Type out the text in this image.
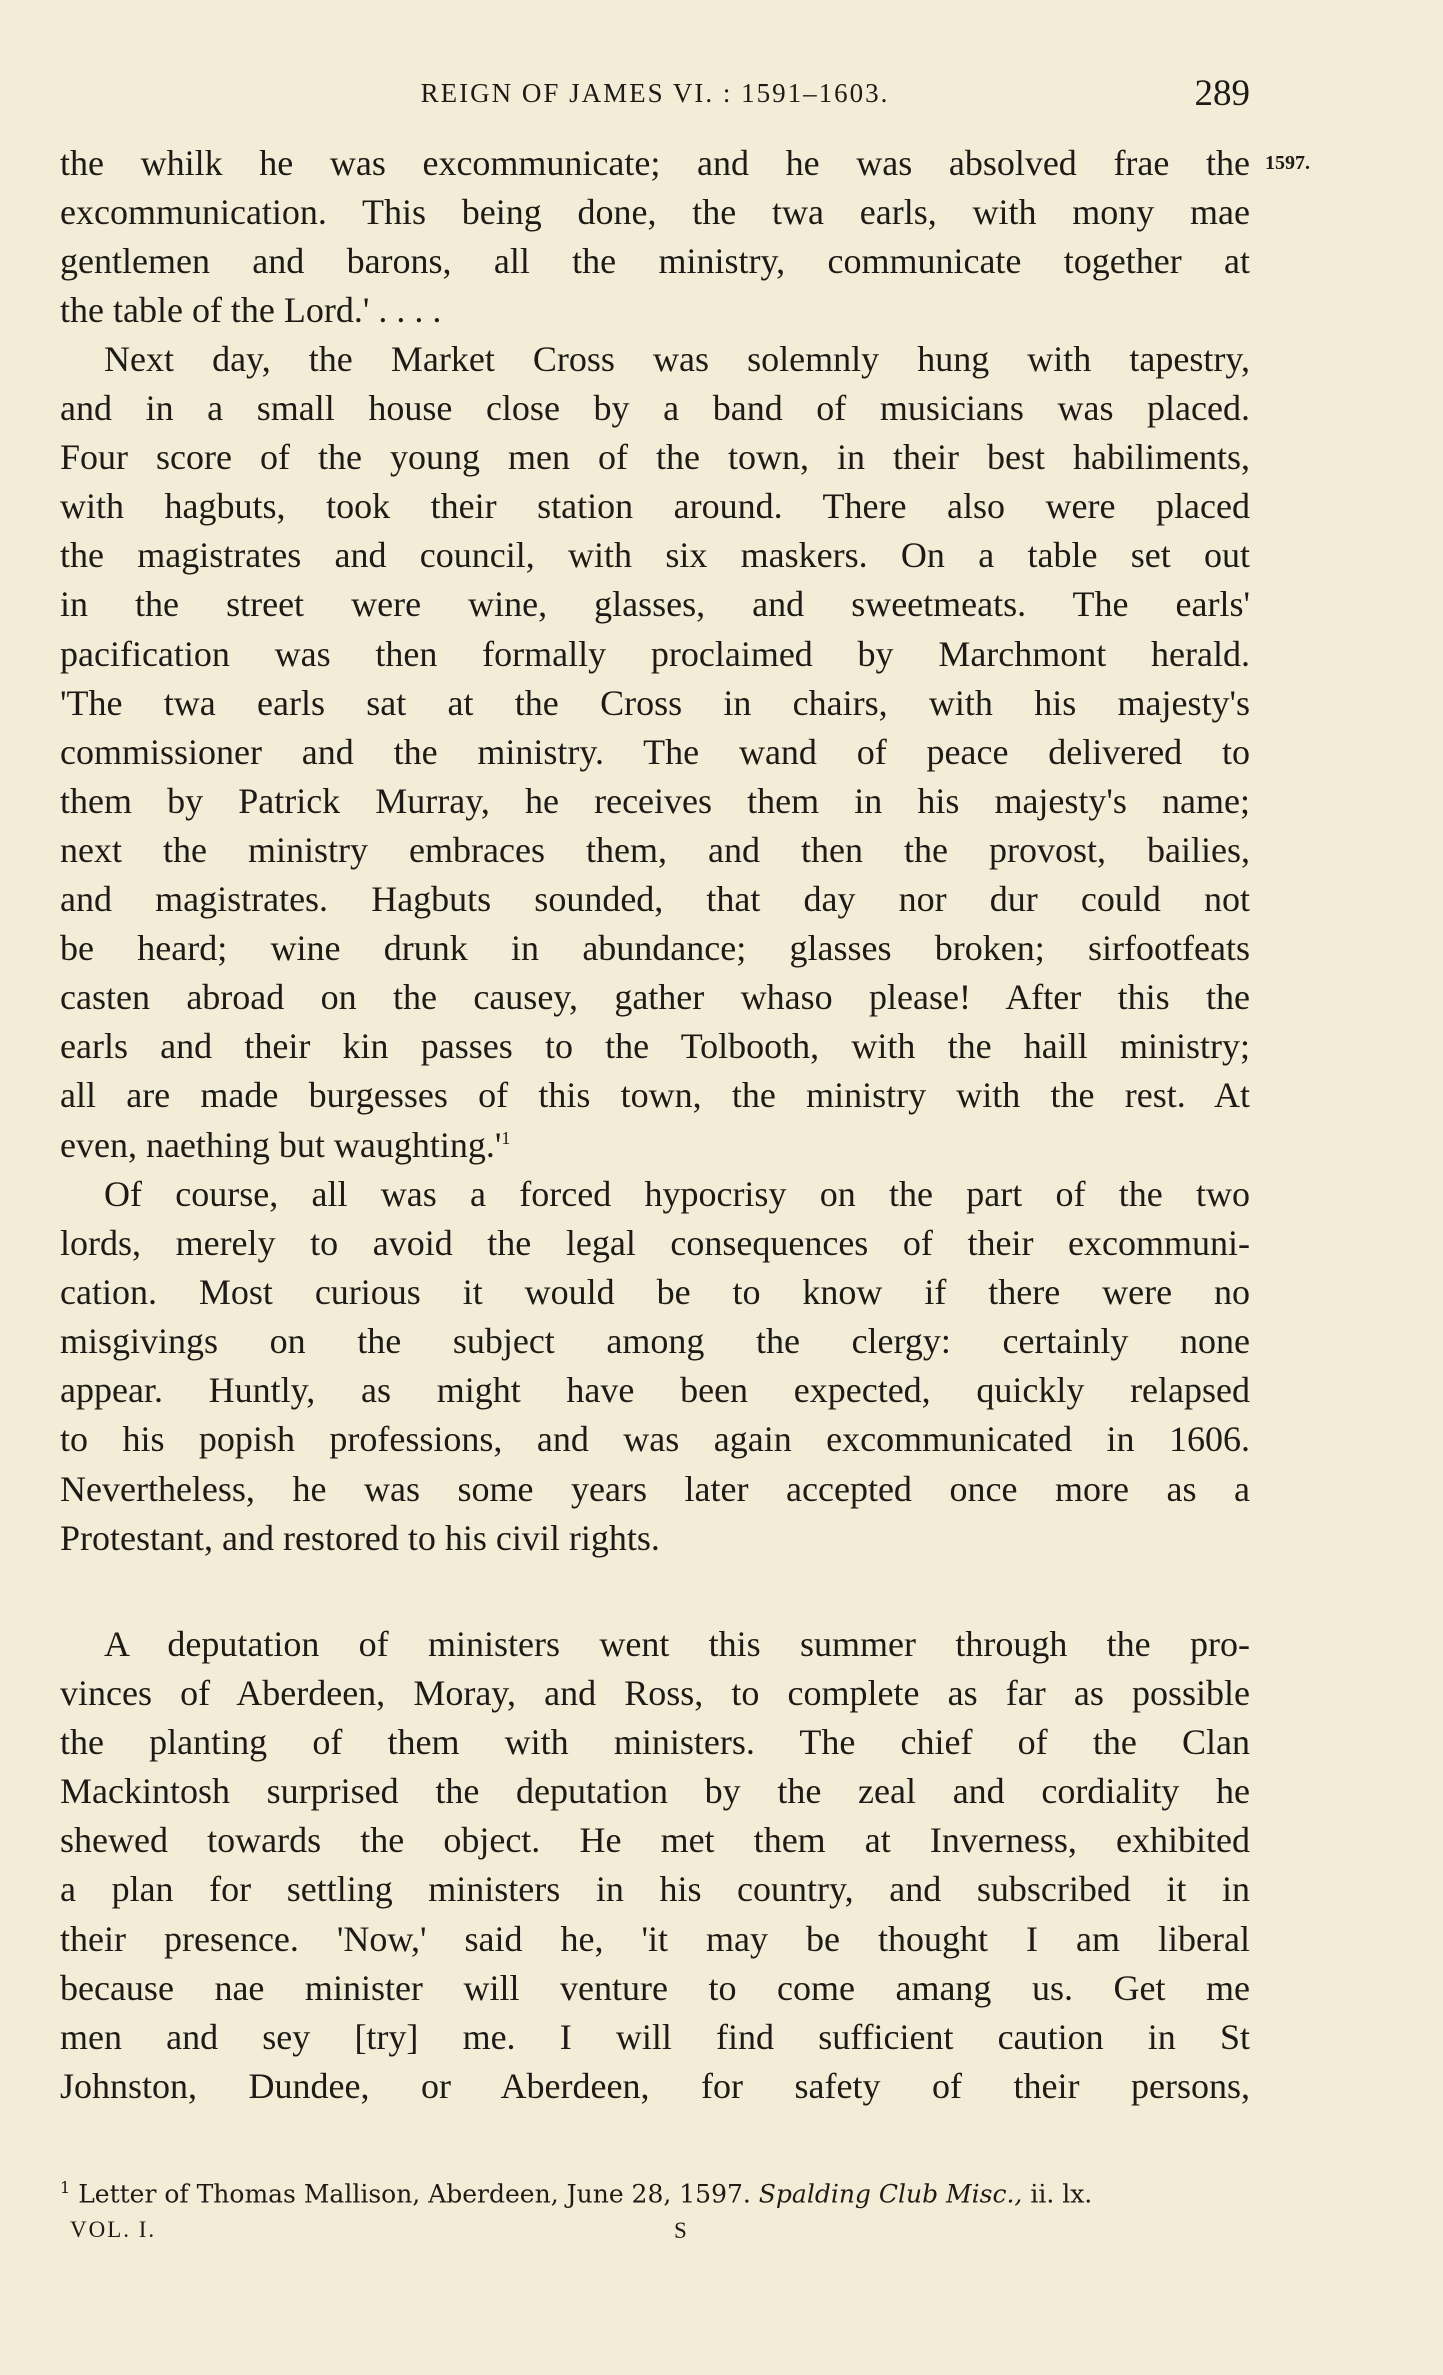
REIGN OF JAMES VI. : 1591–1603.	289
1597.
the whilk he was excommunicate; and he was absolved frae the
excommunication. This being done, the twa earls, with mony mae
gentlemen and barons, all the ministry, communicate together at
the table of the Lord.' . . . .
Next day, the Market Cross was solemnly hung with tapestry,
and in a small house close by a band of musicians was placed.
Four score of the young men of the town, in their best habiliments,
with hagbuts, took their station around. There also were placed
the magistrates and council, with six maskers. On a table set out
in the street were wine, glasses, and sweetmeats. The earls'
pacification was then formally proclaimed by Marchmont herald.
'The twa earls sat at the Cross in chairs, with his majesty's
commissioner and the ministry. The wand of peace delivered to
them by Patrick Murray, he receives them in his majesty's name;
next the ministry embraces them, and then the provost, bailies,
and magistrates. Hagbuts sounded, that day nor dur could not
be heard; wine drunk in abundance; glasses broken; sirfootfeats
casten abroad on the causey, gather whaso please! After this the
earls and their kin passes to the Tolbooth, with the haill ministry;
all are made burgesses of this town, the ministry with the rest. At
even, naething but waughting.'$^1$
Of course, all was a forced hypocrisy on the part of the two
lords, merely to avoid the legal consequences of their excommuni-
cation. Most curious it would be to know if there were no
misgivings on the subject among the clergy: certainly none
appear. Huntly, as might have been expected, quickly relapsed
to his popish professions, and was again excommunicated in 1606.
Nevertheless, he was some years later accepted once more as a
Protestant, and restored to his civil rights.
A deputation of ministers went this summer through the pro-
vinces of Aberdeen, Moray, and Ross, to complete as far as possible
the planting of them with ministers. The chief of the Clan
Mackintosh surprised the deputation by the zeal and cordiality he
shewed towards the object. He met them at Inverness, exhibited
a plan for settling ministers in his country, and subscribed it in
their presence. 'Now,' said he, 'it may be thought I am liberal
because nae minister will venture to come amang us. Get me
men and sey [try] me. I will find sufficient caution in St
Johnston, Dundee, or Aberdeen, for safety of their persons,
$^1$ Letter of Thomas Mallison, Aberdeen, June 28, 1597. Spalding Club Misc., ii. lx.
VOL. I.	S
